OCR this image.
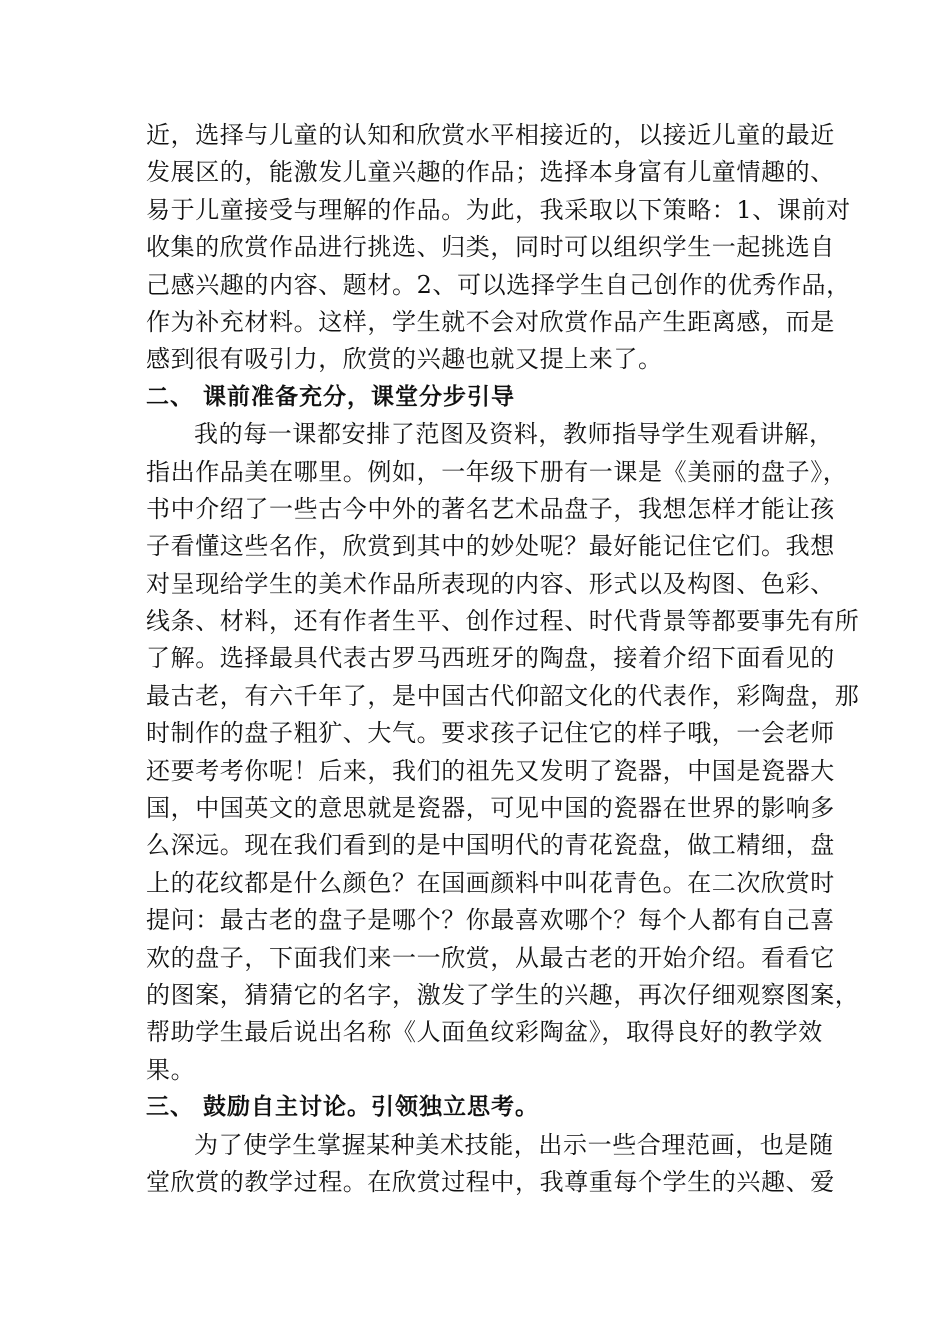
近，选择与儿童的认知和欣赏水平相接近的，以接近儿童的最近
发展区的，能激发儿童兴趣的作品；选择本身富有儿童情趣的、
易于儿童接受与理解的作品。为此，我采取以下策略：1、课前对
收集的欣赏作品进行挑选、归类，同时可以组织学生一起挑选自
己感兴趣的内容、题材。2、可以选择学生自己创作的优秀作品，
作为补充材料。这样，学生就不会对欣赏作品产生距离感，而是
感到很有吸引力，欣赏的兴趣也就又提上来了。
二、 课前准备充分，课堂分步引导
我的每一课都安排了范图及资料，教师指导学生观看讲解，
指出作品美在哪里。例如，一年级下册有一课是《美丽的盘子》，
书中介绍了一些古今中外的著名艺术品盘子，我想怎样才能让孩
子看懂这些名作，欣赏到其中的妙处呢？最好能记住它们。我想
对呈现给学生的美术作品所表现的内容、形式以及构图、色彩、
线条、材料，还有作者生平、创作过程、时代背景等都要事先有所
了解。选择最具代表古罗马西班牙的陶盘，接着介绍下面看见的
最古老，有六千年了，是中国古代仰韶文化的代表作，彩陶盘，那
时制作的盘子粗犷、大气。要求孩子记住它的样子哦，一会老师
还要考考你呢！后来，我们的祖先又发明了瓷器，中国是瓷器大
国，中国英文的意思就是瓷器，可见中国的瓷器在世界的影响多
么深远。现在我们看到的是中国明代的青花瓷盘，做工精细，盘
上的花纹都是什么颜色？在国画颜料中叫花青色。在二次欣赏时
提问：最古老的盘子是哪个？你最喜欢哪个？每个人都有自己喜
欢的盘子，下面我们来一一欣赏，从最古老的开始介绍。看看它
的图案，猜猜它的名字，激发了学生的兴趣，再次仔细观察图案，
帮助学生最后说出名称《人面鱼纹彩陶盆》，取得良好的教学效
果。
三、 鼓励自主讨论。引领独立思考。
为了使学生掌握某种美术技能，出示一些合理范画，也是随
堂欣赏的教学过程。在欣赏过程中，我尊重每个学生的兴趣、爱
